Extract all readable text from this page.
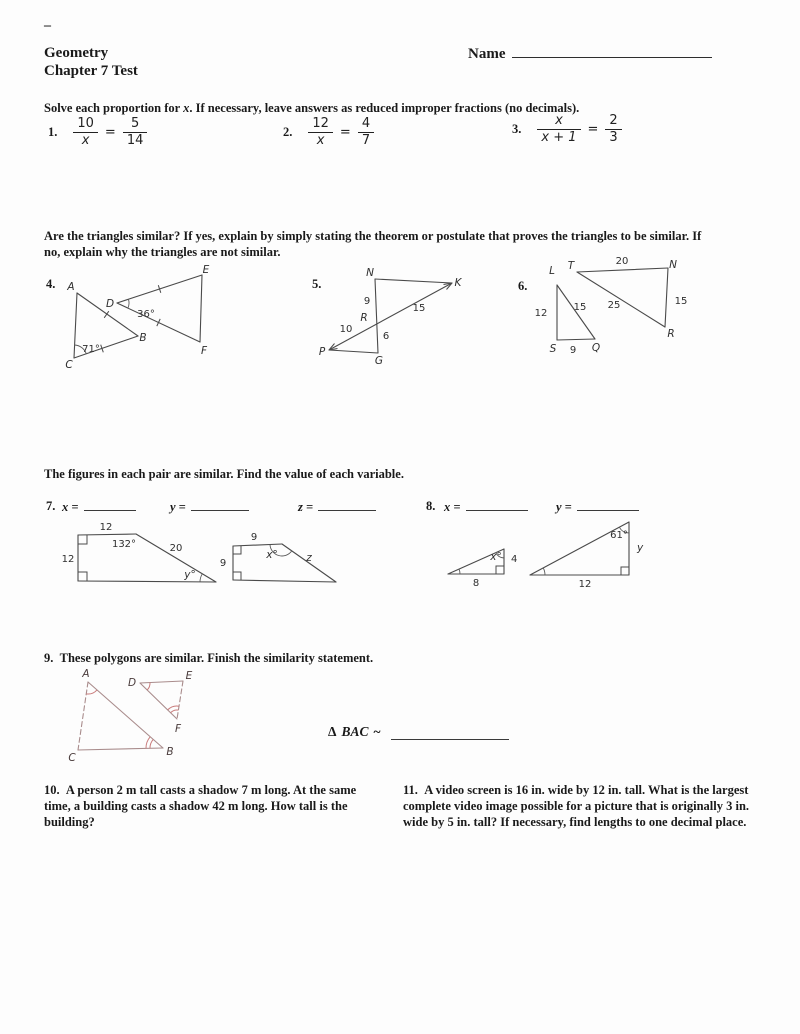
–
Geometry
Chapter 7 Test
Name
Solve each proportion for x. If necessary, leave answers as reduced improper fractions (no decimals).
1. $\frac{10}{x} = \frac{5}{14}$	2. $\frac{12}{x} = \frac{4}{7}$	3. $\frac{x}{x + 1} = \frac{2}{3}$
Are the triangles similar? If yes, explain by simply stating the theorem or postulate that proves the triangles to be similar. If
no, explain why the triangles are not similar.
4. A
B
C
D
E
F
36°
71°
5.
N
K
9
R
15
10
6
P
G
6.
L
12
15
S 9 Q
T	20	N
15
25
R
The figures in each pair are similar. Find the value of each variable.
7. x =	y =	z =	8. x =	y =
12
12
132°	20
y°
9
9
x°	z	x° 4
8
61°
y
12
9. These polygons are similar. Finish the similarity statement.
A
C	B
D
E
F	Δ BAC ~
10. A person 2 m tall casts a shadow 7 m long. At the same time, a building casts a shadow 42 m long. How tall is the building?
11. A video screen is 16 in. wide by 12 in. tall. What is the largest complete video image possible for a picture that is originally 3 in. wide by 5 in. tall? If necessary, find lengths to one decimal place.
